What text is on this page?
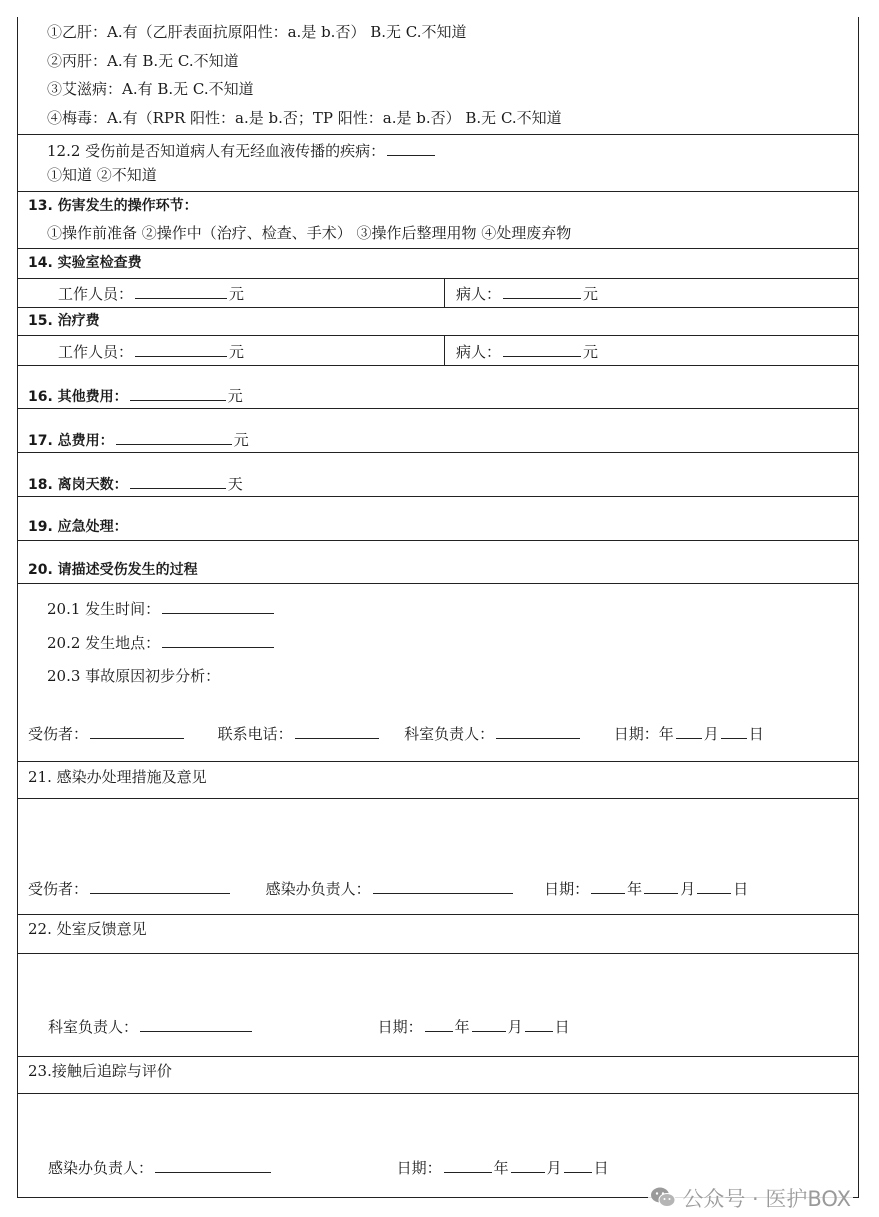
①乙肝：A.有（乙肝表面抗原阳性：a.是 b.否） B.无 C.不知道
②丙肝：A.有 B.无 C.不知道
③艾滋病：A.有 B.无 C.不知道
④梅毒：A.有（RPR 阳性：a.是 b.否；TP 阳性：a.是 b.否） B.无 C.不知道
12.2 受伤前是否知道病人有无经血液传播的疾病：
①知道 ②不知道
13. 伤害发生的操作环节：
①操作前准备 ②操作中（治疗、检查、手术） ③操作后整理用物 ④处理废弃物
14. 实验室检查费
工作人员：	元	病人：	元
15. 治疗费
工作人员：	元	病人：	元
16. 其他费用：	元
17. 总费用：	元
18. 离岗天数：	天
19. 应急处理：
20. 请描述受伤发生的过程
20.1 发生时间：
20.2 发生地点：
20.3 事故原因初步分析：
受伤者：	联系电话：	科室负责人：	日期：年 月 日
21. 感染办处理措施及意见
受伤者：	感染办负责人：	日期：	年	月	日
22. 处室反馈意见
科室负责人：	日期： 年	月 日
23.接触后追踪与评价
感染办负责人：	日期：	年	月 日
公众号 · 医护BOX
